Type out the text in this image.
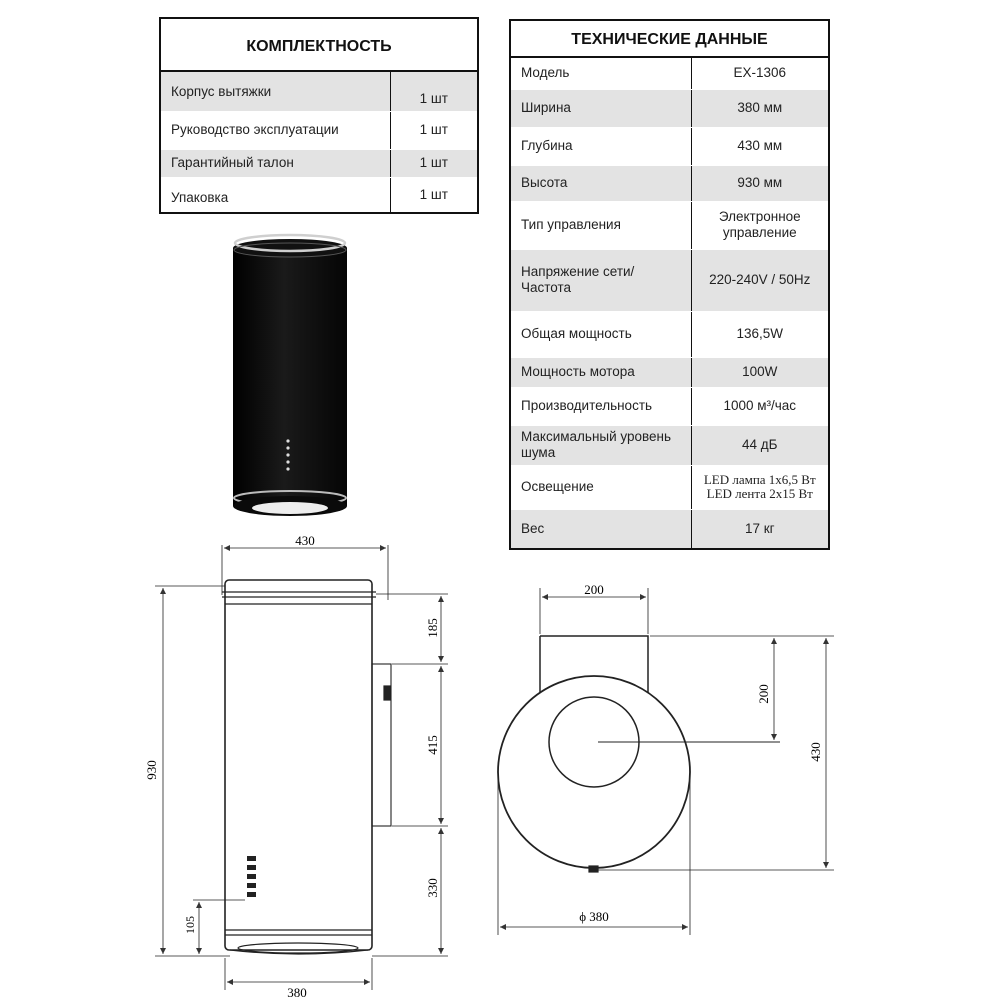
КОМПЛЕКТНОСТЬ	
Корпус вытяжки	1 шт
Руководство эксплуатации	1 шт
Гарантийный талон	1 шт
Упаковка	1 шт
ТЕХНИЧЕСКИЕ ДАННЫЕ	
Модель	EX-1306
Ширина	380 мм
Глубина	430 мм
Высота	930 мм
Тип управления	Электронное управление
Напряжение сети/ Частота	220-240V / 50Hz
Общая мощность	136,5W
Мощность мотора	100W
Производительность	1000 м³/час
Максимальный уровень шума	44 дБ
Освещение	LED лампа 1х6,5 Вт LED лента 2х15 Вт
Вес	17 кг
430
930
185
415
330
105
380
200
200
430
ϕ 380
